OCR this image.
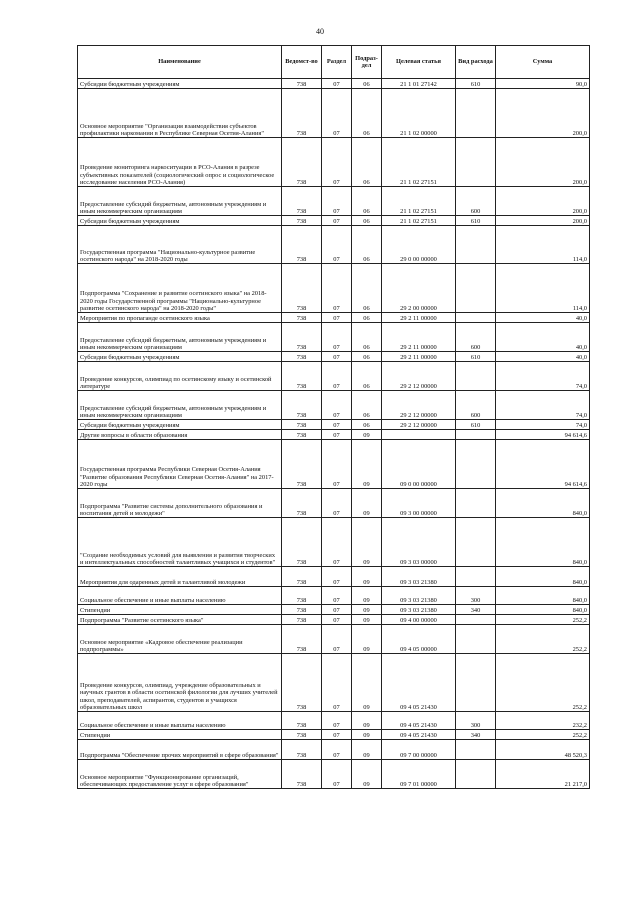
40
Наименование	Ведомст-во	Раздел	Подраз-дел	Целевая статья	Вид расхода	Сумма
Субсидии бюджетным учреждениям	738	07	06	21 1 01 27142	610	90,0
Основное мероприятие "Организация взаимодействия субъектов профилактики наркомании в Республике Северная Осетия-Алания"	738	07	06	21 1 02 00000		200,0
Проведение мониторинга наркоситуации в РСО-Алания в разрезе субъективных показателей (социологический опрос и социологическое исследование населения РСО-Алания)	738	07	06	21 1 02 27151		200,0
Предоставление субсидий бюджетным, автономным учреждениям и иным некоммерческим организациям	738	07	06	21 1 02 27151	600	200,0
Субсидии бюджетным учреждениям	738	07	06	21 1 02 27151	610	200,0
Государственная программа "Национально-культурное развитие осетинского народа" на 2018-2020 годы	738	07	06	29 0 00 00000		114,0
Подпрограмма "Сохранение и развитие осетинского языка" на 2018-2020 годы Государственной программы "Национально-культурное развитие осетинского народа" на 2018-2020 годы"	738	07	06	29 2 00 00000		114,0
Мероприятия по пропаганде осетинского языка	738	07	06	29 2 11 00000		40,0
Предоставление субсидий бюджетным, автономным учреждениям и иным некоммерческим организациям	738	07	06	29 2 11 00000	600	40,0
Субсидии бюджетным учреждениям	738	07	06	29 2 11 00000	610	40,0
Проведение конкурсов, олимпиад по осетинскому языку и осетинской литературе	738	07	06	29 2 12 00000		74,0
Предоставление субсидий бюджетным, автономным учреждениям и иным некоммерческим организациям	738	07	06	29 2 12 00000	600	74,0
Субсидии бюджетным учреждениям	738	07	06	29 2 12 00000	610	74,0
Другие вопросы в области образования	738	07	09			94 614,6
Государственная программа Республики Северная Осетия-Алания "Развитие образования Республики Северная Осетия-Алания" на 2017-2020 годы	738	07	09	09 0 00 00000		94 614,6
Подпрограмма "Развитие системы дополнительного образования и воспитания детей и молодежи"	738	07	09	09 3 00 00000		840,0
"Создание необходимых условий для выявления и развития творческих и интеллектуальных способностей талантливых учащихся и студентов"	738	07	09	09 3 03 00000		840,0
Мероприятия для одаренных детей и талантливой молодежи	738	07	09	09 3 03 21380		840,0
Социальное обеспечение и иные выплаты населению	738	07	09	09 3 03 21380	300	840,0
Стипендии	738	07	09	09 3 03 21380	340	840,0
Подпрограмма "Развитие осетинского языка"	738	07	09	09 4 00 00000		252,2
Основное мероприятие «Кадровое обеспечение реализации подпрограммы»	738	07	09	09 4 05 00000		252,2
Проведение конкурсов, олимпиад, учреждение образовательных и научных грантов в области осетинской филологии для лучших учителей школ, преподавателей, аспирантов, студентов и учащихся образовательных школ	738	07	09	09 4 05 21430		252,2
Социальное обеспечение и иные выплаты населению	738	07	09	09 4 05 21430	300	232,2
Стипендии	738	07	09	09 4 05 21430	340	252,2
Подпрограмма "Обеспечение прочих мероприятий в сфере образования"	738	07	09	09 7 00 00000		48 520,3
Основное мероприятие "Функционирование организаций, обеспечивающих предоставление услуг в сфере образования"	738	07	09	09 7 01 00000		21 217,0
